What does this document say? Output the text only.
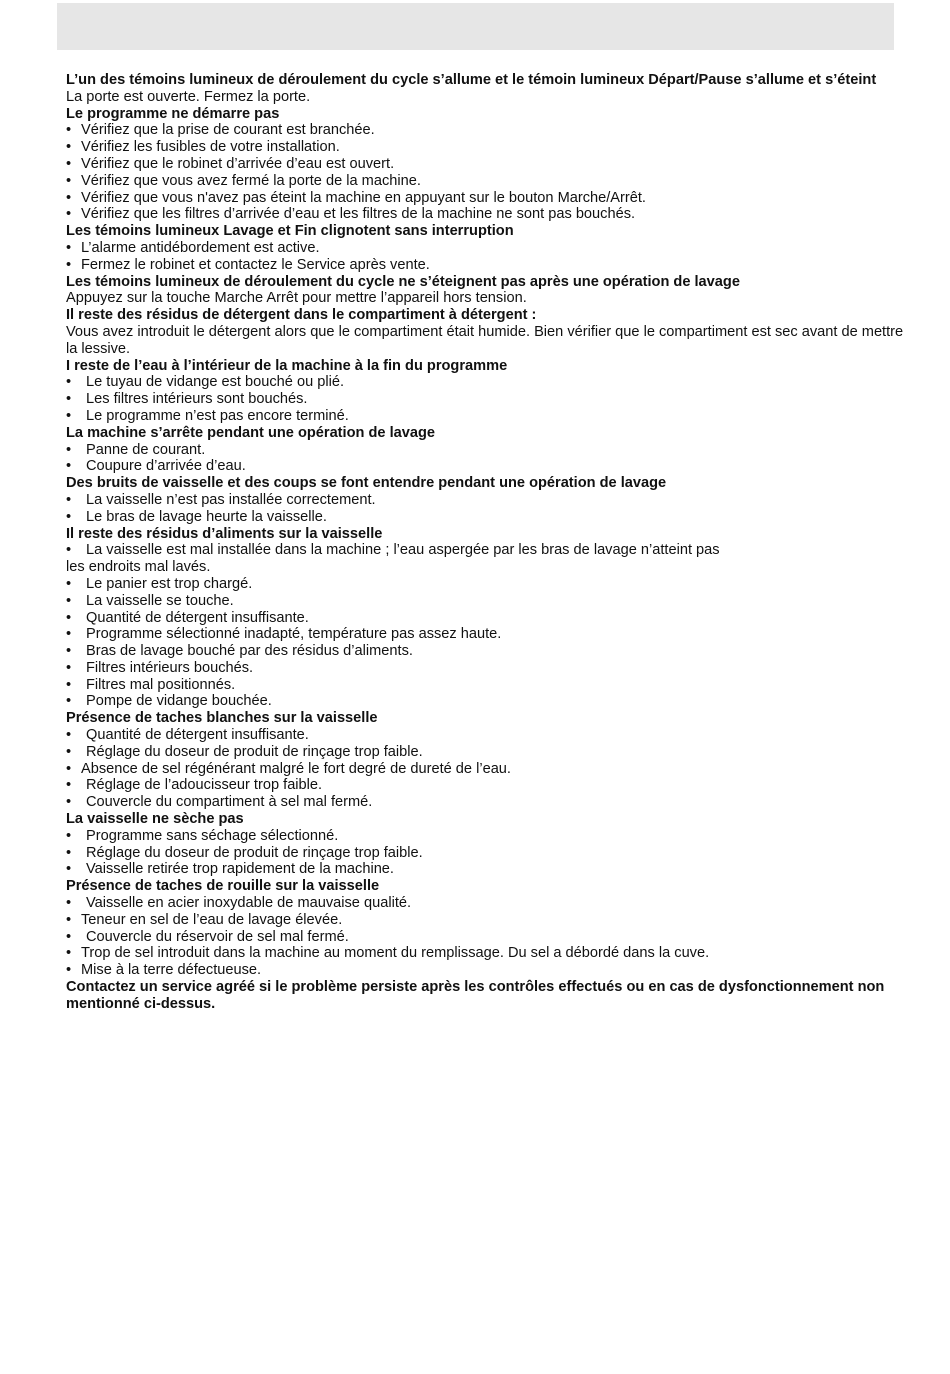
L’un des témoins lumineux de déroulement du cycle s’allume et le témoin lumineux Départ/Pause s’allume et s’éteint

La porte est ouverte. Fermez la porte.

Le programme ne démarre pas

• Vérifiez que la prise de courant est branchée.

• Vérifiez les fusibles de votre installation.

• Vérifiez que le robinet d’arrivée d’eau est ouvert.

• Vérifiez que vous avez fermé la porte de la machine.

• Vérifiez que vous n'avez pas éteint la machine en appuyant sur le bouton Marche/Arrêt.

• Vérifiez que les filtres d’arrivée d’eau et les filtres de la machine ne sont pas bouchés.

Les témoins lumineux Lavage et Fin clignotent sans interruption

• L’alarme antidébordement est active.

• Fermez le robinet et contactez le Service après vente.

Les témoins lumineux de déroulement du cycle ne s’éteignent pas après une opération de lavage

Appuyez sur la touche Marche Arrêt pour mettre l’appareil hors tension.

Il reste des résidus de détergent dans le compartiment à détergent :

Vous avez introduit le détergent alors que le compartiment était humide. Bien vérifier que le compartiment est sec avant de mettre la lessive.

I reste de l’eau à l’intérieur de la machine à la fin du programme

• Le tuyau de vidange est bouché ou plié.

• Les filtres intérieurs sont bouchés.

• Le programme n’est pas encore terminé.

La machine s’arrête pendant une opération de lavage

• Panne de courant.

• Coupure d’arrivée d’eau.

Des bruits de vaisselle et des coups se font entendre pendant une opération de lavage

• La vaisselle n’est pas installée correctement.

• Le bras de lavage heurte la vaisselle.

Il reste des résidus d’aliments sur la vaisselle

• La vaisselle est mal installée dans la machine ; l’eau aspergée par les bras de lavage n’atteint pas

les endroits mal lavés.

• Le panier est trop chargé.

• La vaisselle se touche.

• Quantité de détergent insuffisante.

• Programme sélectionné inadapté, température pas assez haute.

• Bras de lavage bouché par des résidus d’aliments.

• Filtres intérieurs bouchés.

• Filtres mal positionnés.

• Pompe de vidange bouchée.

Présence de taches blanches sur la vaisselle

• Quantité de détergent insuffisante.

• Réglage du doseur de produit de rinçage trop faible.

• Absence de sel régénérant malgré le fort degré de dureté de l’eau.

• Réglage de l’adoucisseur trop faible.

• Couvercle du compartiment à sel mal fermé.

La vaisselle ne sèche pas

• Programme sans séchage sélectionné.

• Réglage du doseur de produit de rinçage trop faible.

• Vaisselle retirée trop rapidement de la machine.

Présence de taches de rouille sur la vaisselle

• Vaisselle en acier inoxydable de mauvaise qualité.

• Teneur en sel de l’eau de lavage élevée.

• Couvercle du réservoir de sel mal fermé.

• Trop de sel introduit dans la machine au moment du remplissage. Du sel a débordé dans la cuve.

• Mise à la terre défectueuse.

Contactez un service agréé si le problème persiste après les contrôles effectués ou en cas de dysfonctionnement non mentionné ci-dessus.
